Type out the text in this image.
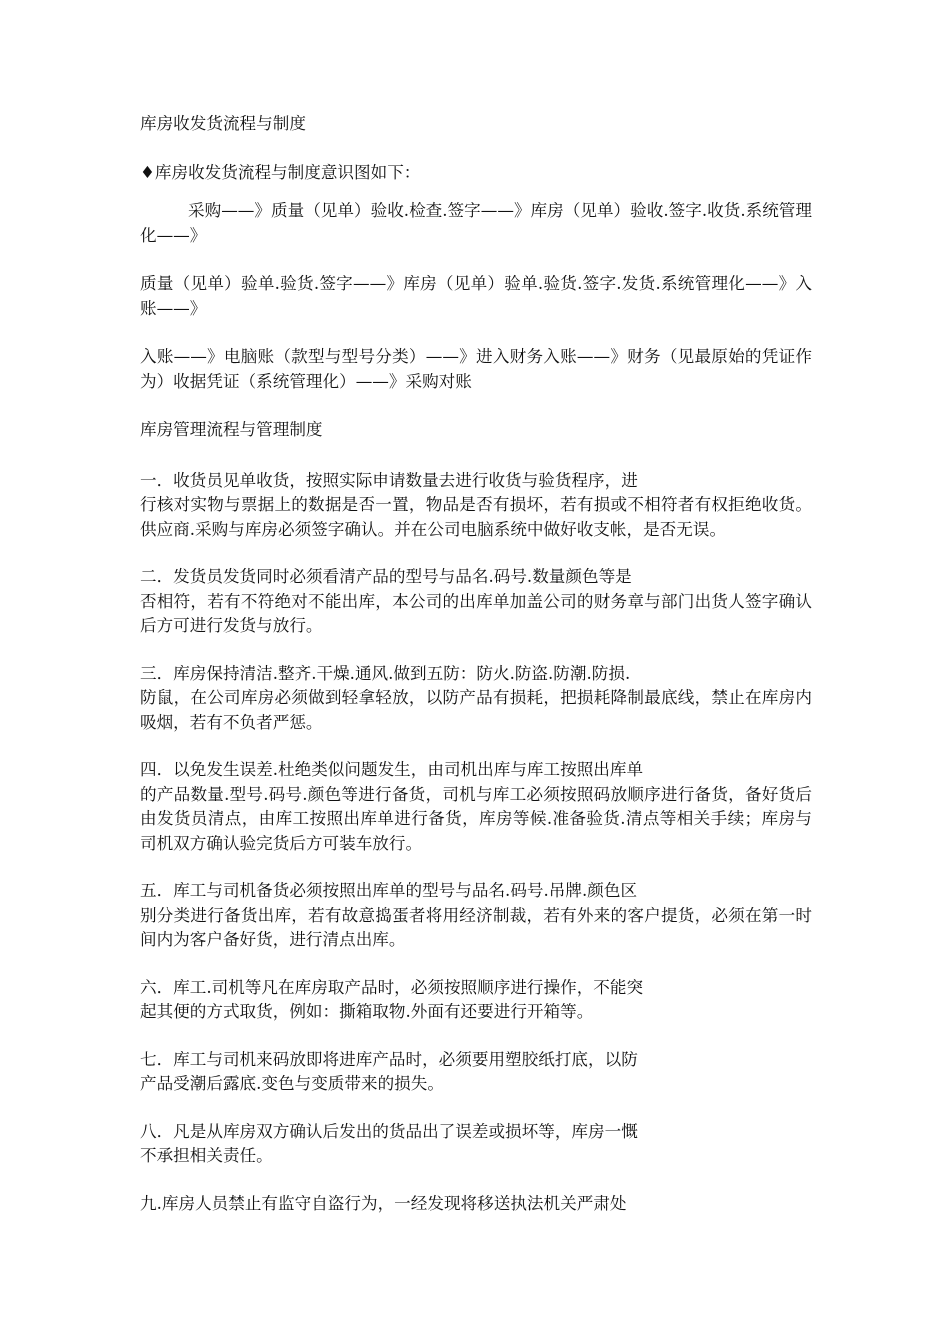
库房收发货流程与制度

♦库房收发货流程与制度意识图如下：

采购——》质量（见单）验收.检查.签字——》库房（见单）验收.签字.收货.系统管理化——》

质量（见单）验单.验货.签字——》库房（见单）验单.验货.签字.发货.系统管理化——》入账——》

入账——》电脑账（款型与型号分类）——》进入财务入账——》财务（见最原始的凭证作为）收据凭证（系统管理化）——》采购对账

库房管理流程与管理制度

一．收货员见单收货，按照实际申请数量去进行收货与验货程序，进
行核对实物与票据上的数据是否一置，物品是否有损坏，若有损或不相符者有权拒绝收货。供应商.采购与库房必须签字确认。并在公司电脑系统中做好收支帐，是否无误。

二．发货员发货同时必须看清产品的型号与品名.码号.数量颜色等是
否相符，若有不符绝对不能出库，本公司的出库单加盖公司的财务章与部门出货人签字确认后方可进行发货与放行。

三．库房保持清洁.整齐.干燥.通风.做到五防：防火.防盗.防潮.防损.
防鼠，在公司库房必须做到轻拿轻放，以防产品有损耗，把损耗降制最底线，禁止在库房内吸烟，若有不负者严惩。

四．以免发生误差.杜绝类似问题发生，由司机出库与库工按照出库单
的产品数量.型号.码号.颜色等进行备货，司机与库工必须按照码放顺序进行备货，备好货后由发货员清点，由库工按照出库单进行备货，库房等候.准备验货.清点等相关手续；库房与司机双方确认验完货后方可装车放行。

五．库工与司机备货必须按照出库单的型号与品名.码号.吊牌.颜色区
别分类进行备货出库，若有故意捣蛋者将用经济制裁，若有外来的客户提货，必须在第一时间内为客户备好货，进行清点出库。

六．库工.司机等凡在库房取产品时，必须按照顺序进行操作，不能突
起其便的方式取货，例如：撕箱取物.外面有还要进行开箱等。

七．库工与司机来码放即将进库产品时，必须要用塑胶纸打底，以防
产品受潮后露底.变色与变质带来的损失。

八．凡是从库房双方确认后发出的货品出了误差或损坏等，库房一慨
不承担相关责任。

九.库房人员禁止有监守自盗行为，一经发现将移送执法机关严肃处
